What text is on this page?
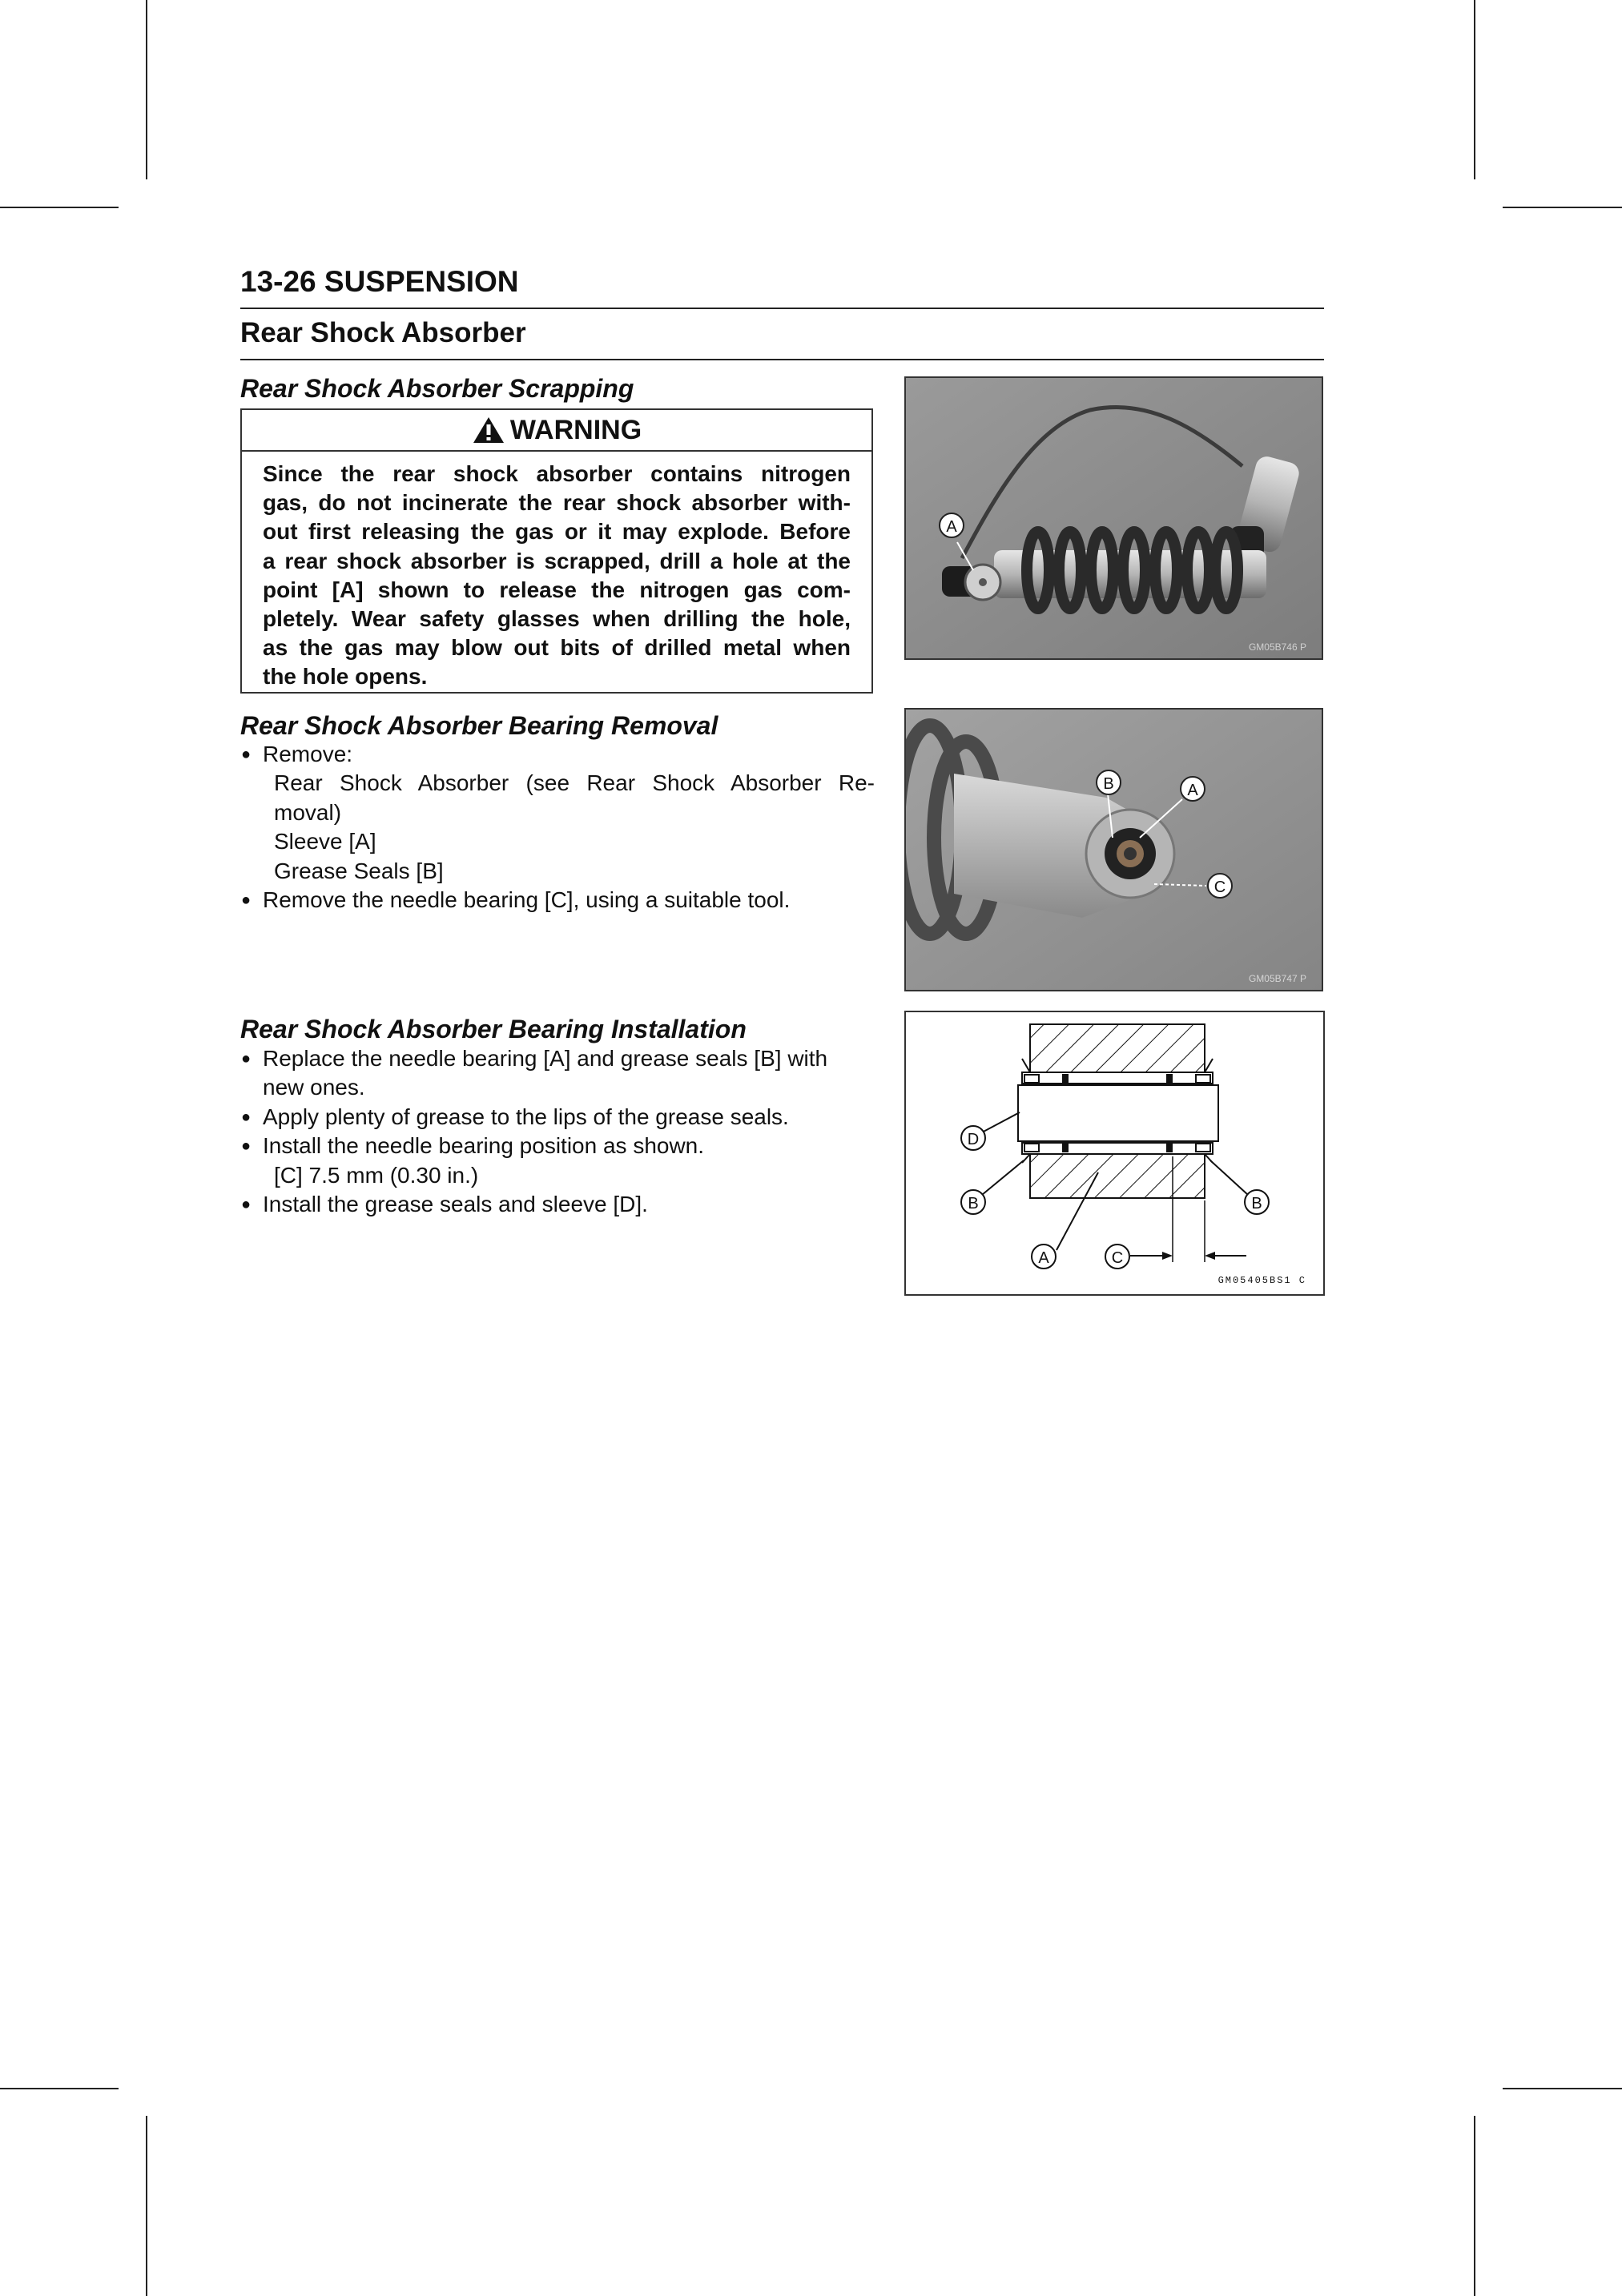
13-26 SUSPENSION
Rear Shock Absorber
Rear Shock Absorber Scrapping
WARNING
Since the rear shock absorber contains nitrogen
gas, do not incinerate the rear shock absorber with-
out first releasing the gas or it may explode. Before
a rear shock absorber is scrapped, drill a hole at the
point [A] shown to release the nitrogen gas com-
pletely. Wear safety glasses when drilling the hole,
as the gas may blow out bits of drilled metal when
the hole opens.
A
GM05B746 P
Rear Shock Absorber Bearing Removal
● Remove:
Rear Shock Absorber (see Rear Shock Absorber Re-
moval)
Sleeve [A]
Grease Seals [B]
● Remove the needle bearing [C], using a suitable tool.
B	A
C
GM05B747 P
Rear Shock Absorber Bearing Installation
● Replace the needle bearing [A] and grease seals [B] with
new ones.
● Apply plenty of grease to the lips of the grease seals.
● Install the needle bearing position as shown.
[C] 7.5 mm (0.30 in.)
● Install the grease seals and sleeve [D].
D
B	B
A	C
GM05405BS1 C
